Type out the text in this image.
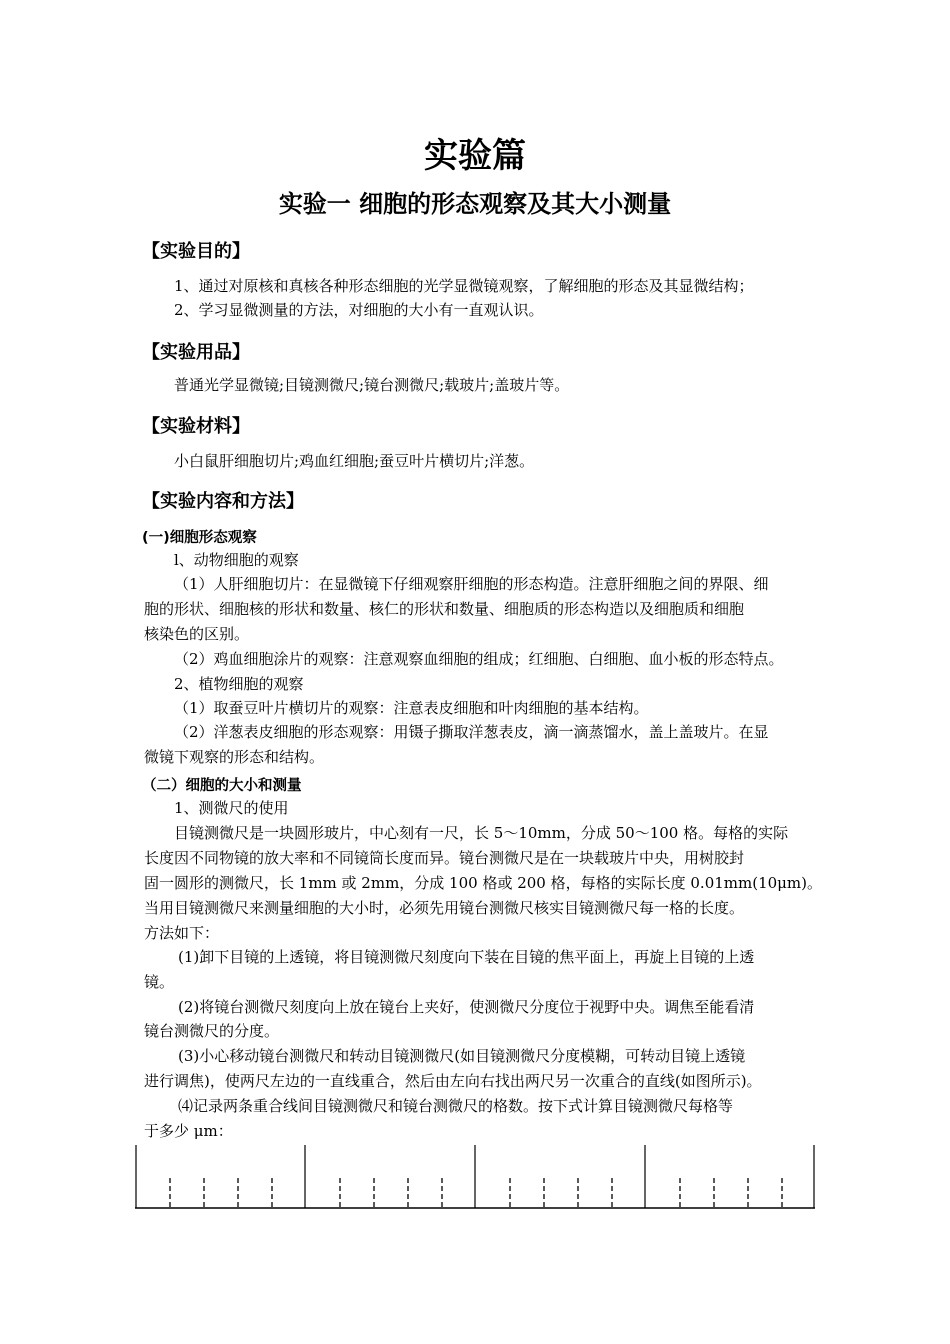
实验篇
实验一 细胞的形态观察及其大小测量
【实验目的】
1、通过对原核和真核各种形态细胞的光学显微镜观察，了解细胞的形态及其显微结构；
2、学习显微测量的方法，对细胞的大小有一直观认识。
【实验用品】
普通光学显微镜;目镜测微尺;镜台测微尺;载玻片;盖玻片等。
【实验材料】
小白鼠肝细胞切片;鸡血红细胞;蚕豆叶片横切片;洋葱。
【实验内容和方法】
(一)细胞形态观察
l、动物细胞的观察
（1）人肝细胞切片：在显微镜下仔细观察肝细胞的形态构造。注意肝细胞之间的界限、细
胞的形状、细胞核的形状和数量、核仁的形状和数量、细胞质的形态构造以及细胞质和细胞
核染色的区别。
（2）鸡血细胞涂片的观察：注意观察血细胞的组成；红细胞、白细胞、血小板的形态特点。
2、植物细胞的观察
（1）取蚕豆叶片横切片的观察：注意表皮细胞和叶肉细胞的基本结构。
（2）洋葱表皮细胞的形态观察：用镊子撕取洋葱表皮，滴一滴蒸馏水，盖上盖玻片。在显
微镜下观察的形态和结构。
（二）细胞的大小和测量
1、测微尺的使用
目镜测微尺是一块圆形玻片，中心刻有一尺，长 5～10mm，分成 50～100 格。每格的实际
长度因不同物镜的放大率和不同镜筒长度而异。镜台测微尺是在一块载玻片中央，用树胶封
固一圆形的测微尺，长 1mm 或 2mm，分成 100 格或 200 格，每格的实际长度 0.01mm(10μm)。
当用目镜测微尺来测量细胞的大小时，必须先用镜台测微尺核实目镜测微尺每一格的长度。
方法如下：
(1)卸下目镜的上透镜，将目镜测微尺刻度向下装在目镜的焦平面上，再旋上目镜的上透
镜。
(2)将镜台测微尺刻度向上放在镜台上夹好，使测微尺分度位于视野中央。调焦至能看清
镜台测微尺的分度。
(3)小心移动镜台测微尺和转动目镜测微尺(如目镜测微尺分度模糊，可转动目镜上透镜
进行调焦)，使两尺左边的一直线重合，然后由左向右找出两尺另一次重合的直线(如图所示)。
⑷记录两条重合线间目镜测微尺和镜台测微尺的格数。按下式计算目镜测微尺每格等
于多少 μm：
